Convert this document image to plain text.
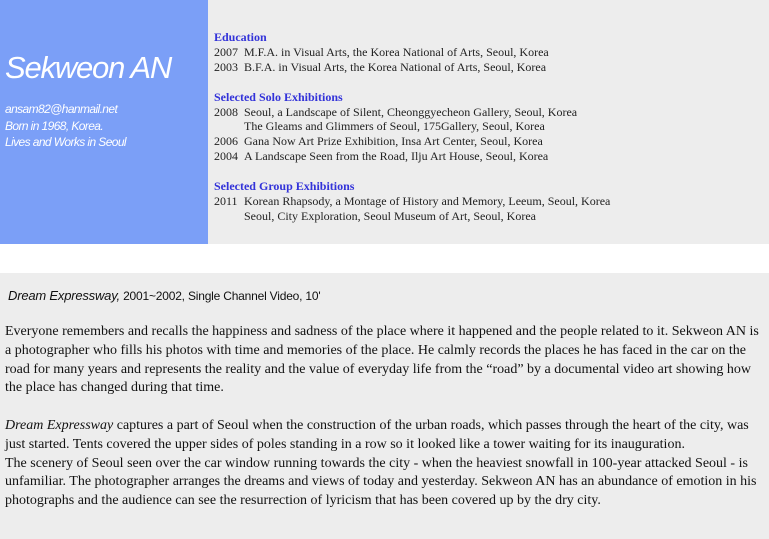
Sekweon AN
ansam82@hanmail.net
Born in 1968, Korea.
Lives and Works in Seoul
Education
2007 M.F.A. in Visual Arts, the Korea National of Arts, Seoul, Korea
2003 B.F.A. in Visual Arts, the Korea National of Arts, Seoul, Korea
Selected Solo Exhibitions
2008 Seoul, a Landscape of Silent, Cheonggyecheon Gallery, Seoul, Korea
The Gleams and Glimmers of Seoul, 175Gallery, Seoul, Korea
2006 Gana Now Art Prize Exhibition, Insa Art Center, Seoul, Korea
2004 A Landscape Seen from the Road, Ilju Art House, Seoul, Korea
Selected Group Exhibitions
2011 Korean Rhapsody, a Montage of History and Memory, Leeum, Seoul, Korea
Seoul, City Exploration, Seoul Museum of Art, Seoul, Korea
Dream Expressway, 2001~2002, Single Channel Video, 10'

Everyone remembers and recalls the happiness and sadness of the place where it happened and the people related to it. Sekweon AN is a photographer who fills his photos with time and memories of the place. He calmly records the places he has faced in the car on the road for many years and represents the reality and the value of everyday life from the “road” by a documental video art showing how the place has changed during that time.

Dream Expressway captures a part of Seoul when the construction of the urban roads, which passes through the heart of the city, was just started. Tents covered the upper sides of poles standing in a row so it looked like a tower waiting for its inauguration.
The scenery of Seoul seen over the car window running towards the city - when the heaviest snowfall in 100-year attacked Seoul - is unfamiliar. The photographer arranges the dreams and views of today and yesterday. Sekweon AN has an abundance of emotion in his photographs and the audience can see the resurrection of lyricism that has been covered up by the dry city.
